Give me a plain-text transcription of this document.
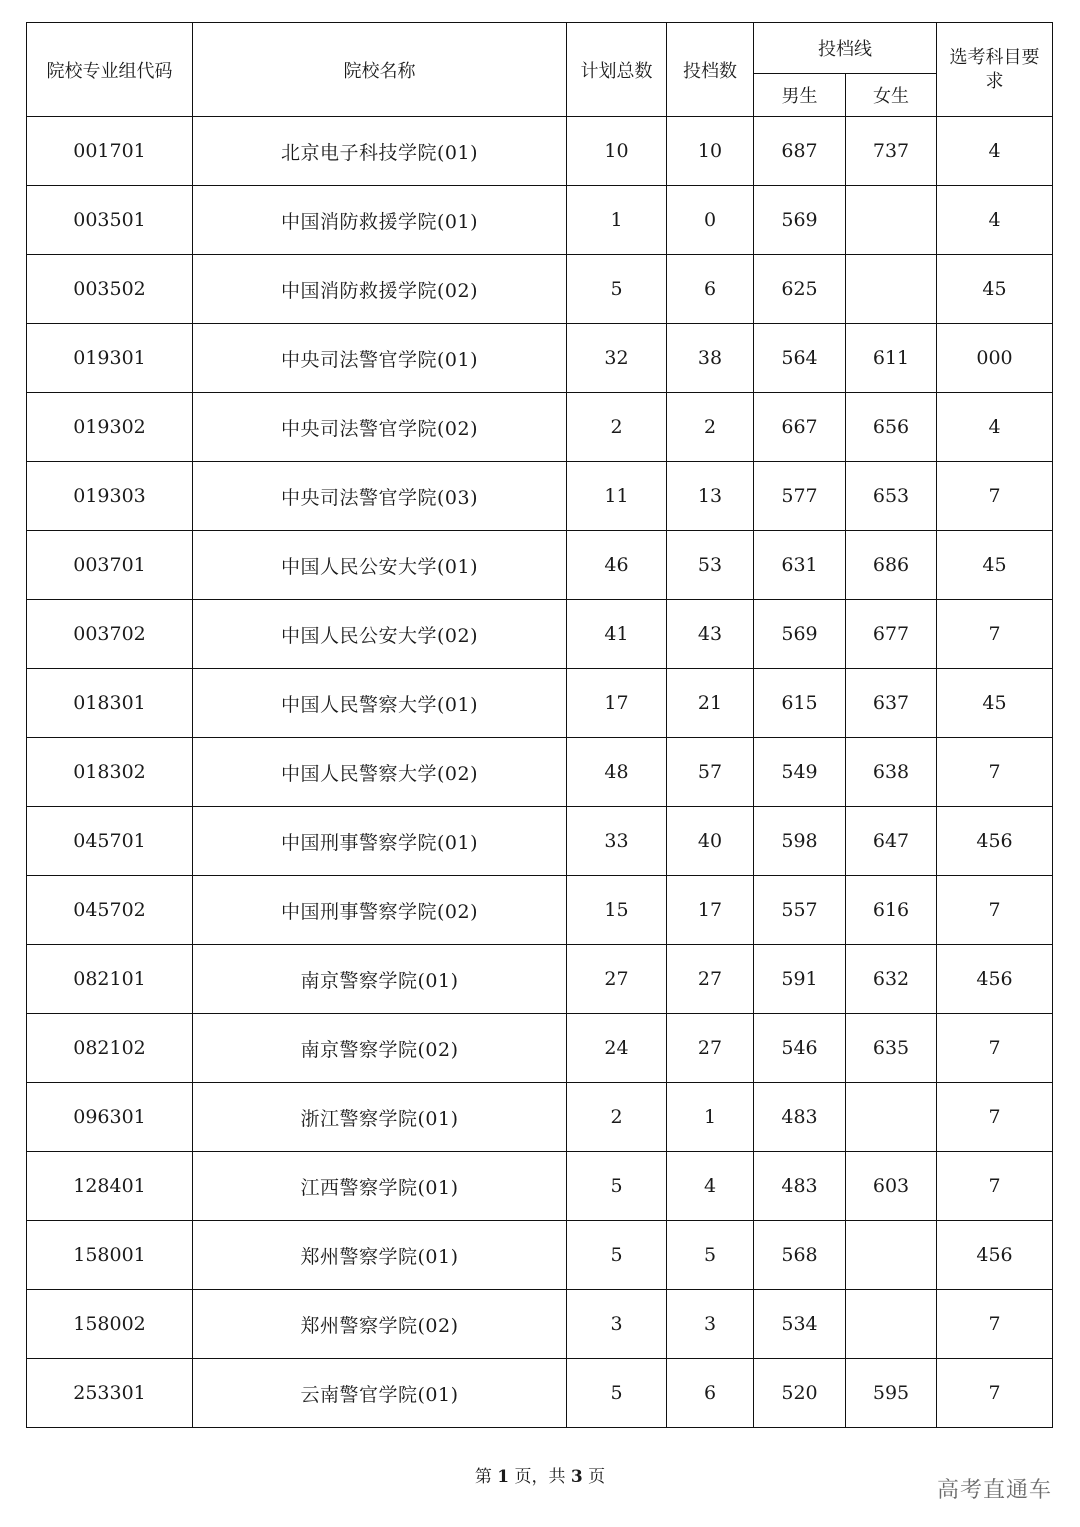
院校专业组代码	院校名称	计划总数	投档数	投档线		选考科目要求
				男生	女生	
001701	北京电子科技学院(01)	10	10	687	737	4
003501	中国消防救援学院(01)	1	0	569		4
003502	中国消防救援学院(02)	5	6	625		45
019301	中央司法警官学院(01)	32	38	564	611	000
019302	中央司法警官学院(02)	2	2	667	656	4
019303	中央司法警官学院(03)	11	13	577	653	7
003701	中国人民公安大学(01)	46	53	631	686	45
003702	中国人民公安大学(02)	41	43	569	677	7
018301	中国人民警察大学(01)	17	21	615	637	45
018302	中国人民警察大学(02)	48	57	549	638	7
045701	中国刑事警察学院(01)	33	40	598	647	456
045702	中国刑事警察学院(02)	15	17	557	616	7
082101	南京警察学院(01)	27	27	591	632	456
082102	南京警察学院(02)	24	27	546	635	7
096301	浙江警察学院(01)	2	1	483		7
128401	江西警察学院(01)	5	4	483	603	7
158001	郑州警察学院(01)	5	5	568		456
158002	郑州警察学院(02)	3	3	534		7
253301	云南警官学院(01)	5	6	520	595	7
第 1 页，共 3 页
高考直通车
